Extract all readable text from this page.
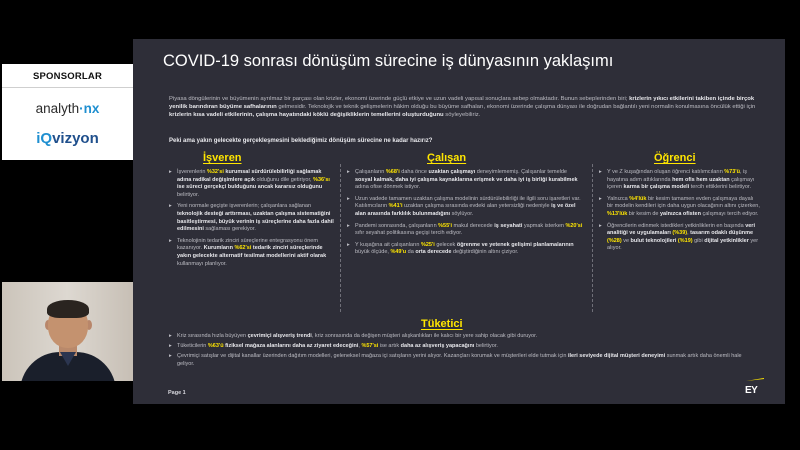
SPONSORLAR
analyth·nx
iQvizyon
COVID-19 sonrası dönüşüm sürecine iş dünyasının yaklaşımı
Piyasa döngülerinin ve büyümenin ayrılmaz bir parçası olan krizler, ekonomi üzerinde güçlü etkiye ve uzun vadeli yapısal sonuçlara sebep olmaktadır. Bunun sebeplerinden biri; krizlerin yıkıcı etkilerini takiben içinde birçok yenilik barındıran büyüme safhalarının gelmesidir. Teknolojik ve teknik gelişmelerin hâkim olduğu bu büyüme safhaları, ekonomi üzerinde çalışma dünyası ile doğrudan bağlantılı yeni normalin konulmasına öncülük ettiği için krizlerin kısa vadeli etkilerinin, çalışma hayatındaki köklü değişikliklerin temellerini oluşturduğunu söyleyebiliriz.
Peki ama yakın gelecekte gerçekleşmesini beklediğimiz dönüşüm sürecine ne kadar hazırız?
İşveren	Çalışan	Öğrenci
▸ İşverenlerin %32'si kurumsal sürdürülebilirliği sağlamak adına radikal değişimlere açık olduğunu dile getiriyor, %36'sı ise süreci gerçekçi bulduğunu ancak kararsız olduğunu belirtiyor.
▸ Yeni normale geçişte işverenlerin; çalışanlara sağlanan teknolojik desteği arttırması, uzaktan çalışma sistematiğini basitleştirmesi, büyük verinin iş süreçlerine daha fazla dahil edilmesini sağlaması gerekiyor.
▸ Teknolojinin tedarik zinciri süreçlerine entegrasyonu önem kazanıyor. Kurumların %62'si tedarik zinciri süreçlerinde yakın gelecekte alternatif tesilmat modellerini aktif olarak kullanmayı planlıyor.
▸ Çalışanların %68'i daha önce uzaktan çalışmayı deneyimlememiş. Çalışanlar temelde sosyal kalmak, daha iyi çalışma kaynaklarına erişmek ve daha iyi iş birliği kurabilmek adına ofise dönmek istiyor.
▸ Uzun vadede tamamen uzaktan çalışma modelinin sürdürülebilirliği ile ilgili soru işaretleri var. Katılımcıların %41'i uzaktan çalışma sırasında evdeki alan yetersizliği nedeniyle iş ve özel alan arasında farklılık bulunmadığını söylüyor.
▸ Pandemi sonrasında, çalışanların %55'i makul derecede iş seyahati yapmak isterken %20'si sıfır seyahat politikasına geçişi tercih ediyor.
▸ Y kuşağına ait çalışanların %25'i gelecek öğrenme ve yetenek gelişimi planlamalarının büyük ölçüde, %49'u da orta derecede değiştirdiğinin altını çiziyor.
▸ Y ve Z kuşağından oluşan öğrenci katılımcıların %73'ü, iş hayatına adım attıklarında hem ofis hem uzaktan çalışmayı içeren karma bir çalışma modeli tercih ettiklerini belirtiyor.
▸ Yalnızca %4'lük bir kesim tamamen evden çalışmaya dayalı bir modelin kendileri için daha uygun olacağının altını çizerken, %13'lük bir kesim de yalnızca ofisten çalışmayı tercih ediyor.
▸ Öğrencilerin edinmek istedikleri yetkinliklerin en başında veri analitiği ve uygulamaları (%39), tasarım odaklı düşünme (%28) ve bulut teknolojileri (%19) gibi dijital yetkinlikler yer alıyor.
Tüketici
▸ Kriz sırasında hızla büyüyen çevrimiçi alışveriş trendi, kriz sonrasında da değişen müşteri alışkanlıkları ile kalıcı bir yere sahip olacak gibi duruyor.
▸ Tüketicilerin %63'ü fiziksel mağaza alanlarını daha az ziyaret edeceğini, %57'si ise artık daha az alışveriş yapacağını belirtiyor.
▸ Çevrimiçi satışlar ve dijital kanallar üzerinden dağıtım modelleri, geleneksel mağaza içi satışların yerini alıyor. Kazançları korumak ve müşterileri elde tutmak için ileri seviyede dijital müşteri deneyimi sunmak artık daha önemli hale geliyor.
Page 1	EY
